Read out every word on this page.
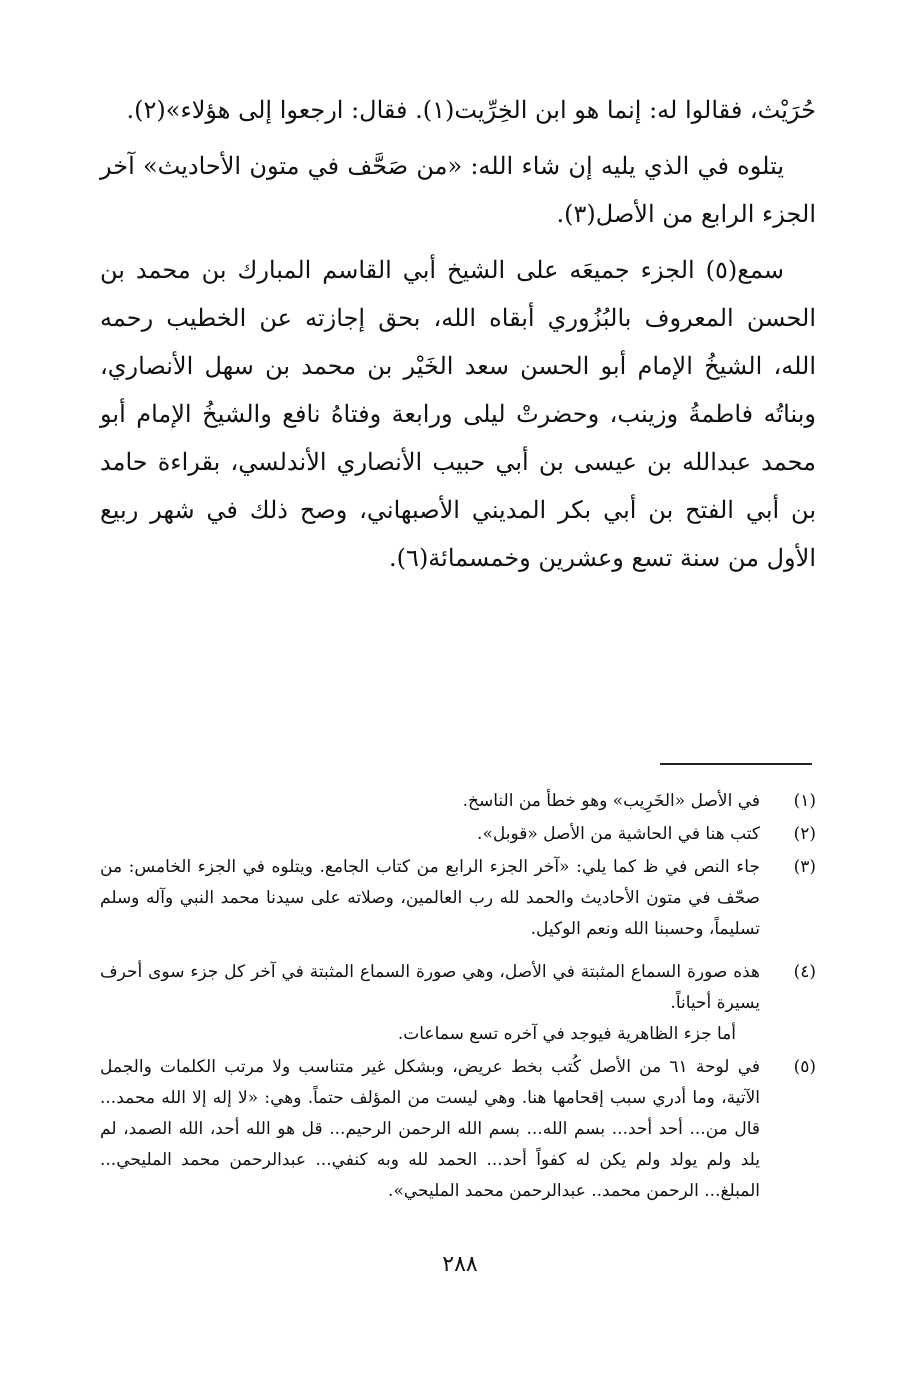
حُرَيْث، فقالوا له: إنما هو ابن الخِرِّيت(١). فقال: ارجعوا إلى هؤلاء»(٢).

يتلوه في الذي يليه إن شاء الله: «من صَحَّف في متون الأحاديث» آخر الجزء الرابع من الأصل(٣).

سمع(٥) الجزء جميعَه على الشيخ أبي القاسم المبارك بن محمد بن الحسن المعروف بالبُزُوري أبقاه الله، بحق إجازته عن الخطيب رحمه الله، الشيخُ الإمام أبو الحسن سعد الخَيْر بن محمد بن سهل الأنصاري، وبناتُه فاطمةُ وزينب، وحضرتْ ليلى ورابعة وفتاهُ نافع والشيخُ الإمام أبو محمد عبدالله بن عيسى بن أبي حبيب الأنصاري الأندلسي، بقراءة حامد بن أبي الفتح بن أبي بكر المديني الأصبهاني، وصح ذلك في شهر ربيع الأول من سنة تسع وعشرين وخمسمائة(٦).

(١)
في الأصل «الخَرِيب» وهو خطأ من الناسخ.
(٢)
كتب هنا في الحاشية من الأصل «قوبل».
(٣)
جاء النص في ظ كما يلي: «آخر الجزء الرابع من كتاب الجامع. ويتلوه في الجزء الخامس: من صحّف في متون الأحاديث والحمد لله رب العالمين، وصلاته على سيدنا محمد النبي وآله وسلم تسليماً، وحسبنا الله ونعم الوكيل.
(٤)
هذه صورة السماع المثبتة في الأصل، وهي صورة السماع المثبتة في آخر كل جزء سوى أحرف يسيرة أحياناً.
أما جزء الظاهرية فيوجد في آخره تسع سماعات.
(٥)
في لوحة ٦١ من الأصل كُتب بخط عريض، وبشكل غير متناسب ولا مرتب الكلمات والجمل الآتية، وما أدري سبب إقحامها هنا. وهي ليست من المؤلف حتماً. وهي: «لا إله إلا الله محمد... قال من... أحد أحد... بسم الله... بسم الله الرحمن الرحيم... قل هو الله أحد، الله الصمد، لم يلد ولم يولد ولم يكن له كفواً أحد... الحمد لله وبه كنفي... عبدالرحمن محمد المليحي... المبلغ... الرحمن محمد.. عبدالرحمن محمد المليحي».
٢٨٨
